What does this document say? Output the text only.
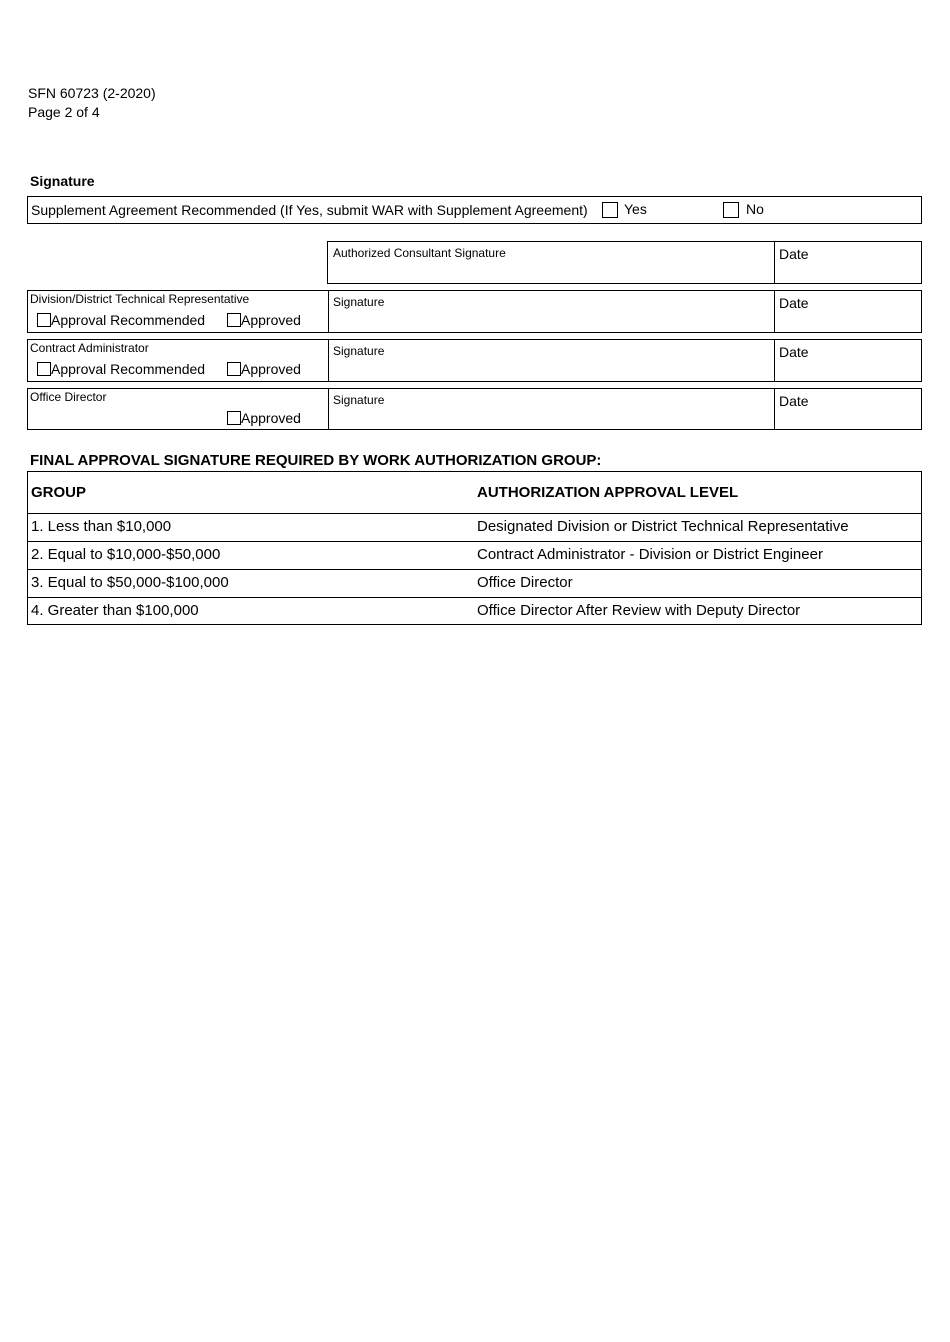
SFN 60723 (2-2020)
Page 2 of 4
Signature
Supplement Agreement Recommended (If Yes, submit WAR with Supplement Agreement)	Yes	No
Authorized Consultant Signature	Date
Division/District Technical Representative
Approval Recommended	Approved
Signature	Date
Contract Administrator
Approval Recommended	Approved
Signature	Date
Office Director
Approved
Signature	Date
FINAL APPROVAL SIGNATURE REQUIRED BY WORK AUTHORIZATION GROUP:
GROUP	AUTHORIZATION APPROVAL LEVEL
1. Less than $10,000	Designated Division or District Technical Representative
2. Equal to $10,000-$50,000	Contract Administrator - Division or District Engineer
3. Equal to $50,000-$100,000	Office Director
4. Greater than $100,000	Office Director After Review with Deputy Director
